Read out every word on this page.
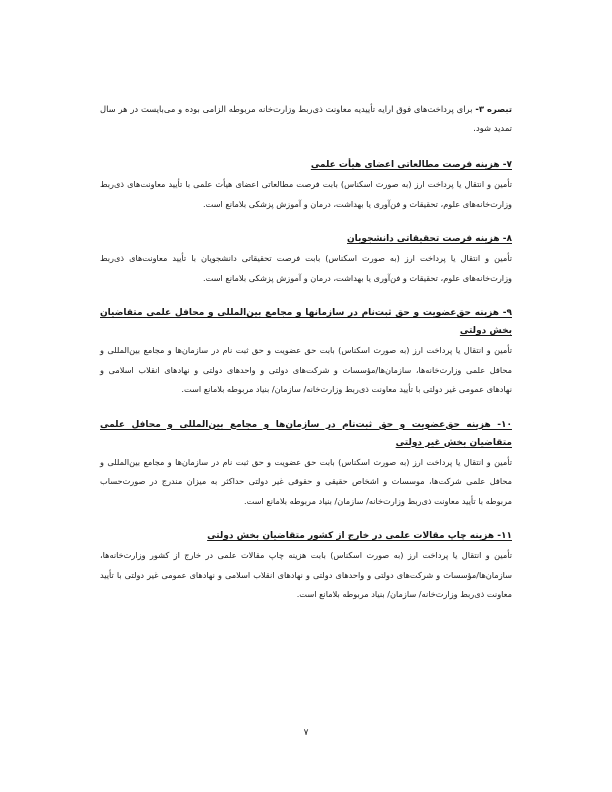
تبصره ۳- برای پرداخت‌های فوق ارایه تأییدیه معاونت ذی‌ربط وزارت‌خانه مربوطه الزامی بوده و می‌بایست در هر سال تمدید شود.

۷- هزینه فرصت مطالعاتی اعضای هیأت علمی

تأمین و انتقال یا پرداخت ارز (به صورت اسکناس) بابت فرصت مطالعاتی اعضای هیأت علمی با تأیید معاونت‌های ذی‌ربط وزارت‌خانه‌های علوم، تحقیقات و فن‌آوری یا بهداشت، درمان و آموزش پزشکی بلامانع است.

۸- هزینه فرصت تحقیقاتی دانشجویان

تأمین و انتقال یا پرداخت ارز (به صورت اسکناس) بابت فرصت تحقیقاتی دانشجویان با تأیید معاونت‌های ذی‌ربط وزارت‌خانه‌های علوم، تحقیقات و فن‌آوری یا بهداشت، درمان و آموزش پزشکی بلامانع است.

۹- هزینه حق‌عضویت و حق ثبت‌نام در سازمانها و مجامع بین‌المللی و محافل علمی متقاضیان بخش دولتی

تأمین و انتقال یا پرداخت ارز (به صورت اسکناس) بابت حق عضویت و حق ثبت نام در سازمان‌ها و مجامع بین‌المللی و محافل علمی وزارت‌خانه‌ها، سازمان‌ها/مؤسسات و شرکت‌های دولتی و واحدهای دولتی و نهادهای انقلاب اسلامی و نهادهای عمومی غیر دولتی با تأیید معاونت ذی‌ربط وزارت‌خانه/ سازمان/ بنیاد مربوطه بلامانع است.

۱۰- هزینه حق‌عضویت و حق ثبت‌نام در سازمان‌ها و مجامع بین‌المللی و محافل علمی متقاضیان بخش غیر دولتی

تأمین و انتقال یا پرداخت ارز (به صورت اسکناس) بابت حق عضویت و حق ثبت نام در سازمان‌ها و مجامع بین‌المللی و محافل علمی شرکت‌ها، موسسات و اشخاص حقیقی و حقوقی غیر دولتی حداکثر به میزان مندرج در صورت‌حساب مربوطه با تأیید معاونت ذی‌ربط وزارت‌خانه/ سازمان/ بنیاد مربوطه بلامانع است.

۱۱- هزینه چاپ مقالات علمی در خارج از کشور متقاضیان بخش دولتی

تأمین و انتقال یا پرداخت ارز (به صورت اسکناس) بابت هزینه چاپ مقالات علمی در خارج از کشور وزارت‌خانه‌ها، سازمان‌ها/مؤسسات و شرکت‌های دولتی و واحدهای دولتی و نهادهای انقلاب اسلامی و نهادهای عمومی غیر دولتی با تأیید معاونت ذی‌ربط وزارت‌خانه/ سازمان/ بنیاد مربوطه بلامانع است.

۷
